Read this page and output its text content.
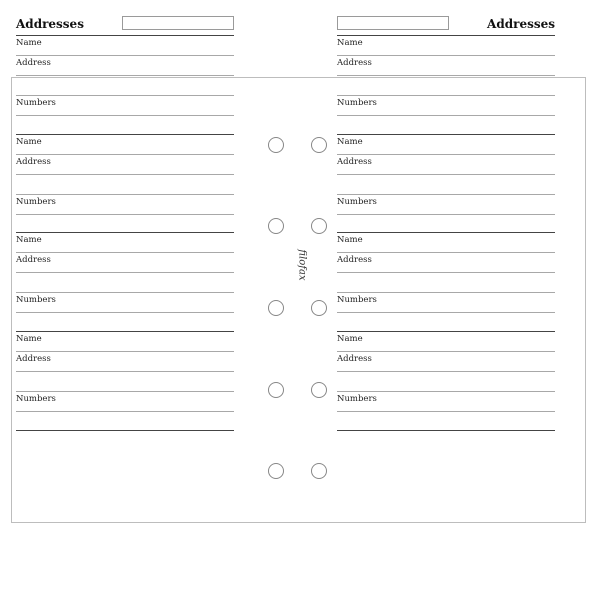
Addresses
Name
Address
Numbers
Name
Address
Numbers
Name
Address
Numbers
Name
Address
Numbers
Addresses
Name
Address
Numbers
Name
Address
Numbers
Name
Address
Numbers
Name
Address
Numbers
filofax
